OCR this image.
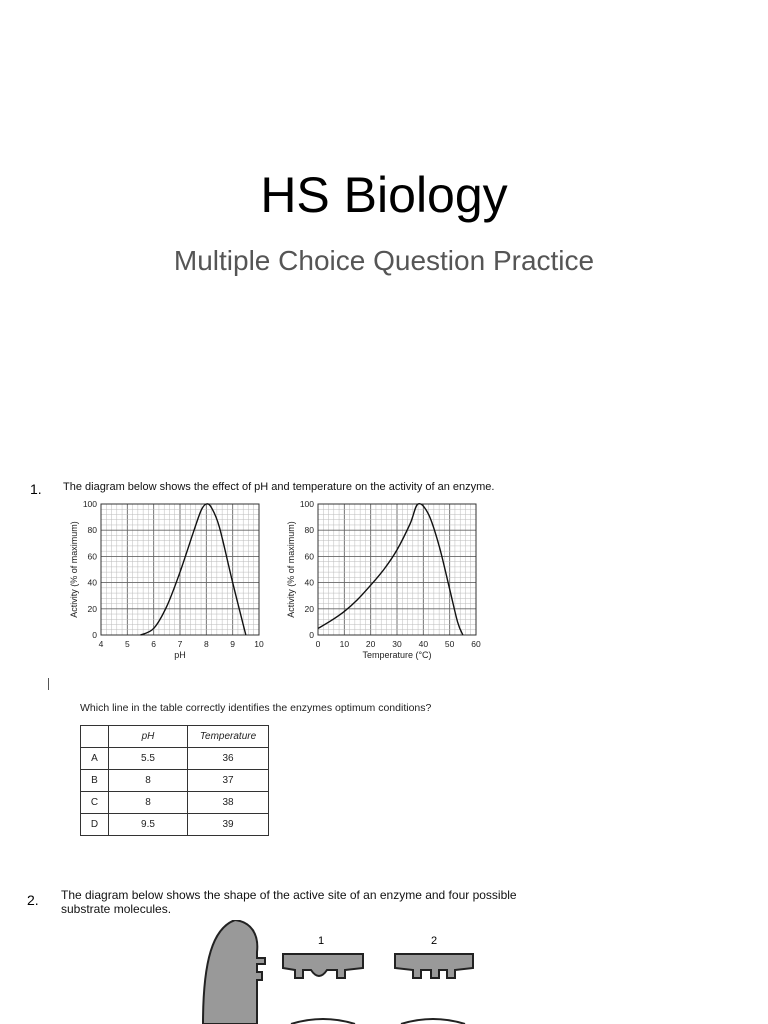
HS Biology
Multiple Choice Question Practice
1. The diagram below shows the effect of pH and temperature on the activity of an enzyme.
4	5	6	7	8	9 10
0
20
40
60
80
100
pH
Activity (% of maximum)
0 10 20 30 40 50 60
0
20
40
60
80
100
Temperature (°C)
Activity (% of maximum)
Which line in the table correctly identifies the enzymes optimum conditions?
	pH	Temperature
A	5.5	36
B	8	37
C	8	38
D	9.5	39
2. The diagram below shows the shape of the active site of an enzyme and four possible
substrate molecules.
1	2
